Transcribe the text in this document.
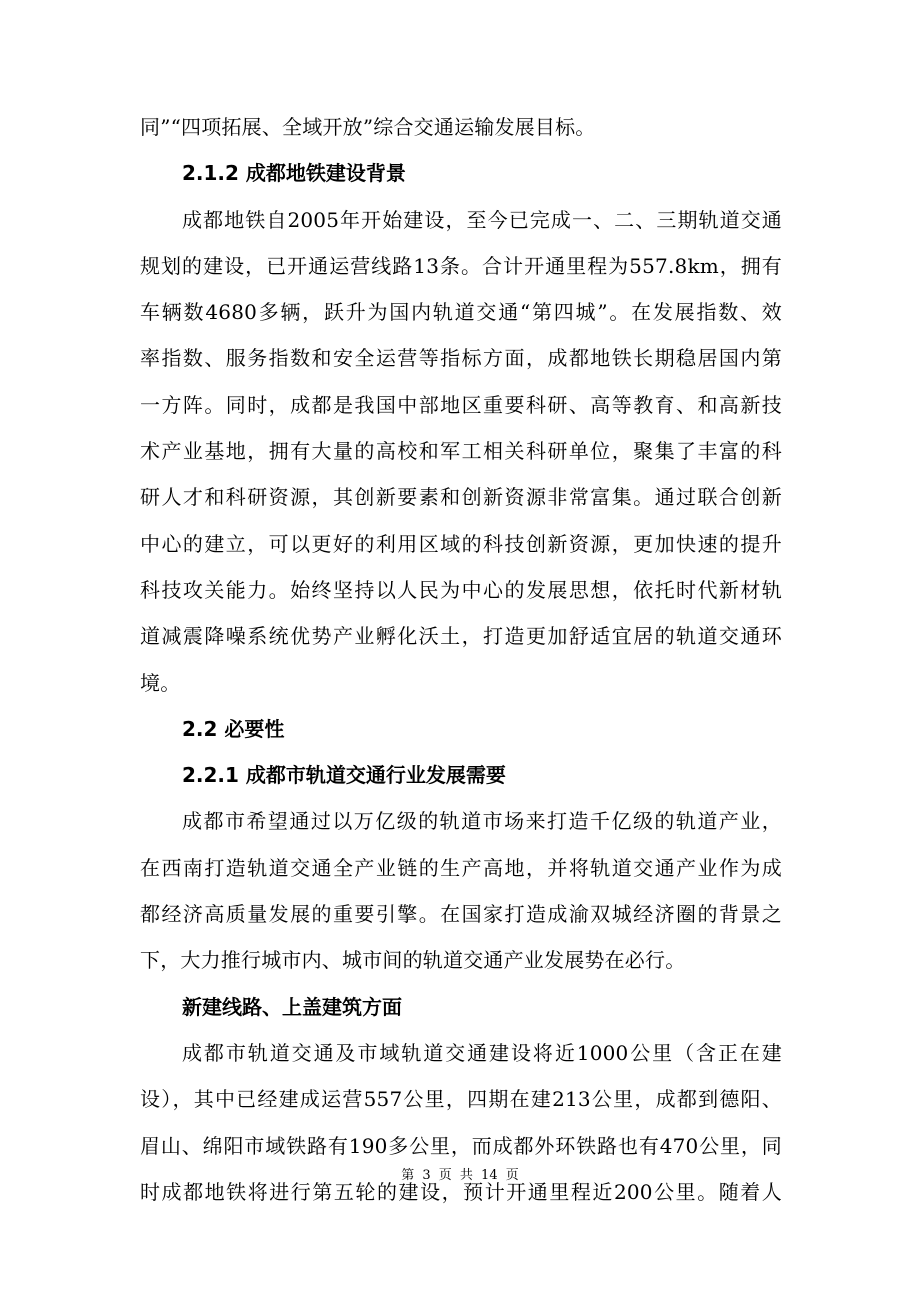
同”“四项拓展、全域开放”综合交通运输发展目标。
2.1.2 成都地铁建设背景
成都地铁自2005年开始建设，至今已完成一、二、三期轨道交通
规划的建设，已开通运营线路13条。合计开通里程为557.8km，拥有
车辆数4680多辆，跃升为国内轨道交通“第四城”。在发展指数、效
率指数、服务指数和安全运营等指标方面，成都地铁长期稳居国内第
一方阵。同时，成都是我国中部地区重要科研、高等教育、和高新技
术产业基地，拥有大量的高校和军工相关科研单位，聚集了丰富的科
研人才和科研资源，其创新要素和创新资源非常富集。通过联合创新
中心的建立，可以更好的利用区域的科技创新资源，更加快速的提升
科技攻关能力。始终坚持以人民为中心的发展思想，依托时代新材轨
道减震降噪系统优势产业孵化沃土，打造更加舒适宜居的轨道交通环
境。
2.2 必要性
2.2.1 成都市轨道交通行业发展需要
成都市希望通过以万亿级的轨道市场来打造千亿级的轨道产业，
在西南打造轨道交通全产业链的生产高地，并将轨道交通产业作为成
都经济高质量发展的重要引擎。在国家打造成渝双城经济圈的背景之
下，大力推行城市内、城市间的轨道交通产业发展势在必行。
新建线路、上盖建筑方面
成都市轨道交通及市域轨道交通建设将近1000公里（含正在建
设），其中已经建成运营557公里，四期在建213公里，成都到德阳、
眉山、绵阳市域铁路有190多公里，而成都外环铁路也有470公里，同
时成都地铁将进行第五轮的建设，预计开通里程近200公里。随着人
第 3 页 共 14 页
